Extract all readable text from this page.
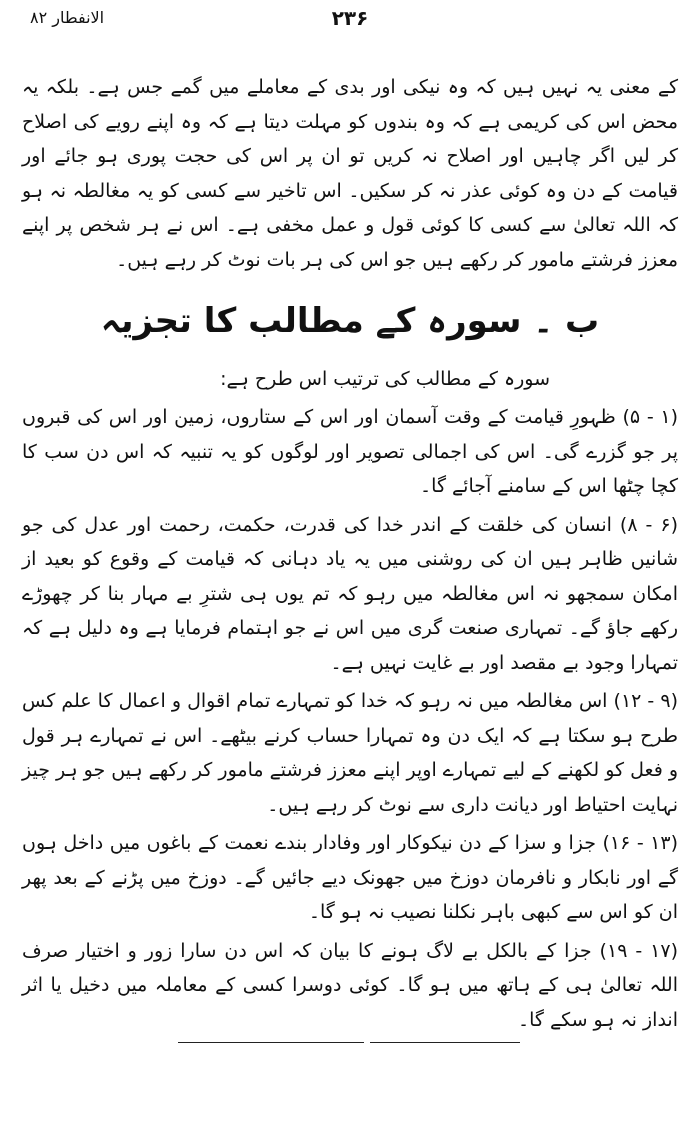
۲۳۶
الانفطار ۸۲
کے معنی یہ نہیں ہیں کہ وہ نیکی اور بدی کے معاملے میں گمے جس ہے۔ بلکہ یہ محض اس کی کریمی ہے کہ وہ بندوں کو مہلت دیتا ہے کہ وہ اپنے رویے کی اصلاح کر لیں اگر چاہیں اور اصلاح نہ کریں تو ان پر اس کی حجت پوری ہو جائے اور قیامت کے دن وہ کوئی عذر نہ کر سکیں۔ اس تاخیر سے کسی کو یہ مغالطہ نہ ہو کہ اللہ تعالیٰ سے کسی کا کوئی قول و عمل مخفی ہے۔ اس نے ہر شخص پر اپنے معزز فرشتے مامور کر رکھے ہیں جو اس کی ہر بات نوٹ کر رہے ہیں۔
ب ۔ سورہ کے مطالب کا تجزیہ
سورہ کے مطالب کی ترتیب اس طرح ہے:

(۱ - ۵) ظہورِ قیامت کے وقت آسمان اور اس کے ستاروں، زمین اور اس کی قبروں پر جو گزرے گی۔ اس کی اجمالی تصویر اور لوگوں کو یہ تنبیہ کہ اس دن سب کا کچا چٹھا اس کے سامنے آجائے گا۔

(۶ - ۸) انسان کی خلقت کے اندر خدا کی قدرت، حکمت، رحمت اور عدل کی جو شانیں ظاہر ہیں ان کی روشنی میں یہ یاد دہانی کہ قیامت کے وقوع کو بعید از امکان سمجھو نہ اس مغالطہ میں رہو کہ تم یوں ہی شترِ بے مہار بنا کر چھوڑے رکھے جاؤ گے۔ تمہاری صنعت گری میں اس نے جو اہتمام فرمایا ہے وہ دلیل ہے کہ تمہارا وجود بے مقصد اور بے غایت نہیں ہے۔

(۹ - ۱۲) اس مغالطہ میں نہ رہو کہ خدا کو تمہارے تمام اقوال و اعمال کا علم کس طرح ہو سکتا ہے کہ ایک دن وہ تمہارا حساب کرنے بیٹھے۔ اس نے تمہارے ہر قول و فعل کو لکھنے کے لیے تمہارے اوپر اپنے معزز فرشتے مامور کر رکھے ہیں جو ہر چیز نہایت احتیاط اور دیانت داری سے نوٹ کر رہے ہیں۔

(۱۳ - ۱۶) جزا و سزا کے دن نیکوکار اور وفادار بندے نعمت کے باغوں میں داخل ہوں گے اور نابکار و نافرمان دوزخ میں جھونک دیے جائیں گے۔ دوزخ میں پڑنے کے بعد پھر ان کو اس سے کبھی باہر نکلنا نصیب نہ ہو گا۔

(۱۷ - ۱۹) جزا کے بالکل بے لاگ ہونے کا بیان کہ اس دن سارا زور و اختیار صرف اللہ تعالیٰ ہی کے ہاتھ میں ہو گا۔ کوئی دوسرا کسی کے معاملہ میں دخیل یا اثر انداز نہ ہو سکے گا۔
